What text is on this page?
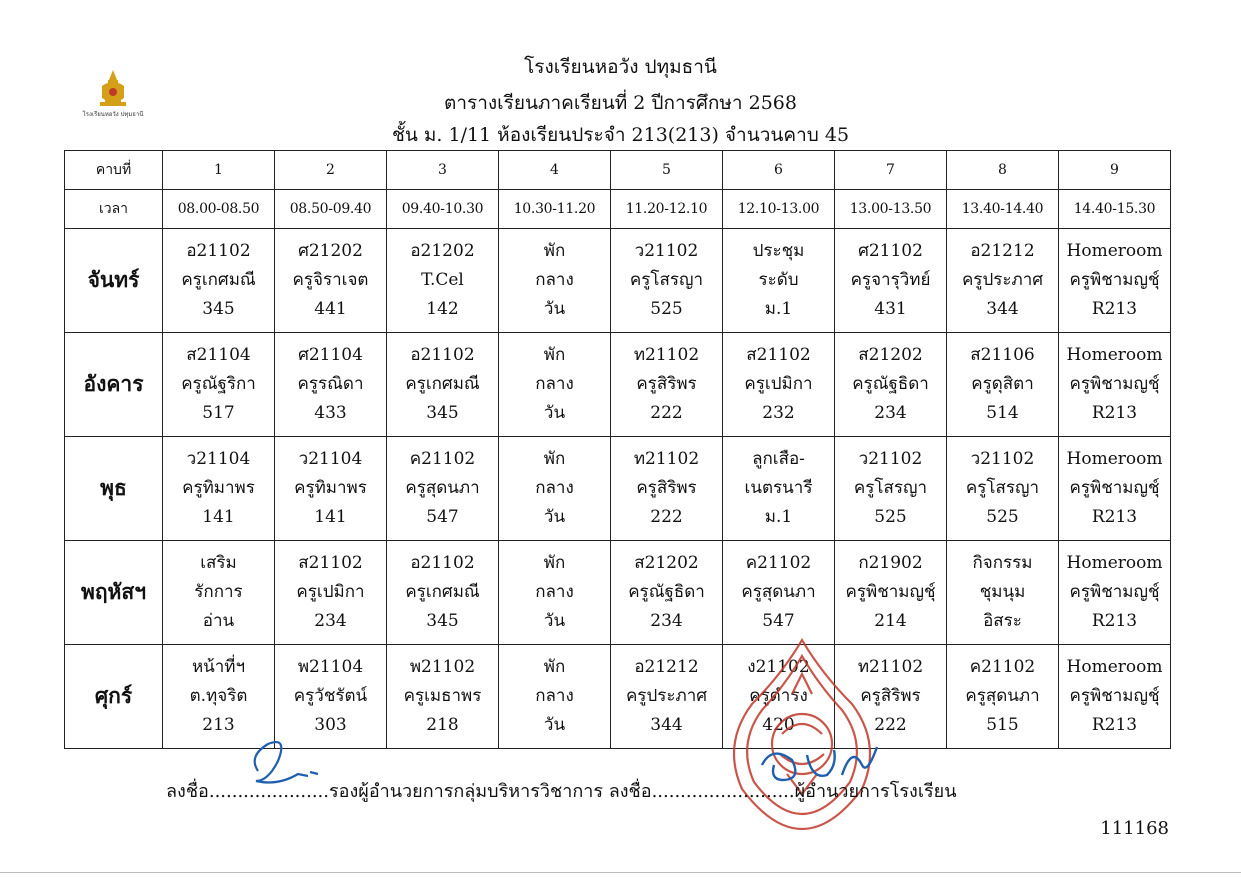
โรงเรียนหอวัง ปทุมธานี
โรงเรียนหอวัง ปทุมธานี
ตารางเรียนภาคเรียนที่ 2 ปีการศึกษา 2568
ชั้น ม. 1/11 ห้องเรียนประจำ 213(213) จำนวนคาบ 45
คาบที่	1	2	3	4	5	6	7	8	9
เวลา	08.00-08.50	08.50-09.40	09.40-10.30	10.30-11.20	11.20-12.10	12.10-13.00	13.00-13.50	13.40-14.40	14.40-15.30
จันทร์	อ21102
ครูเกศมณี
345	ศ21202
ครูจิราเจต
441	อ21202
T.Cel
142	พัก
กลาง
วัน	ว21102
ครูโสรญา
525	ประชุม
ระดับ
ม.1	ศ21102
ครูจารุวิทย์
431	อ21212
ครูประภาศ
344	Homeroom
ครูพิชามญชุ์
R213

อังคาร	ส21104
ครูณัฐริกา
517	ศ21104
ครูรณิดา
433	อ21102
ครูเกศมณี
345	พัก
กลาง
วัน	ท21102
ครูสิริพร
222	ส21102
ครูเปมิกา
232	ส21202
ครูณัฐธิดา
234	ส21106
ครูดุสิตา
514	Homeroom
ครูพิชามญชุ์
R213

พุธ	ว21104
ครูทิมาพร
141	ว21104
ครูทิมาพร
141	ค21102
ครูสุดนภา
547	พัก
กลาง
วัน	ท21102
ครูสิริพร
222	ลูกเสือ-
เนตรนารี
ม.1	ว21102
ครูโสรญา
525	ว21102
ครูโสรญา
525	Homeroom
ครูพิชามญชุ์
R213

พฤหัสฯ	เสริม
รักการ
อ่าน	ส21102
ครูเปมิกา
234	อ21102
ครูเกศมณี
345	พัก
กลาง
วัน	ส21202
ครูณัฐธิดา
234	ค21102
ครูสุดนภา
547	ก21902
ครูพิชามญชุ์
214	กิจกรรม
ชุมนุม
อิสระ	Homeroom
ครูพิชามญชุ์
R213

ศุกร์	หน้าที่ฯ
ต.ทุจริต
213	พ21104
ครูวัชรัตน์
303	พ21102
ครูเมธาพร
218	พัก
กลาง
วัน	อ21212
ครูประภาศ
344	ง21102
ครูดำรง
420	ท21102
ครูสิริพร
222	ค21102
ครูสุดนภา
515	Homeroom
ครูพิชามญชุ์
R213
ลงชื่อ.....................รองผู้อำนวยการกลุ่มบริหารวิชาการ ลงชื่อ.........................ผู้อำนวยการโรงเรียน
111168
